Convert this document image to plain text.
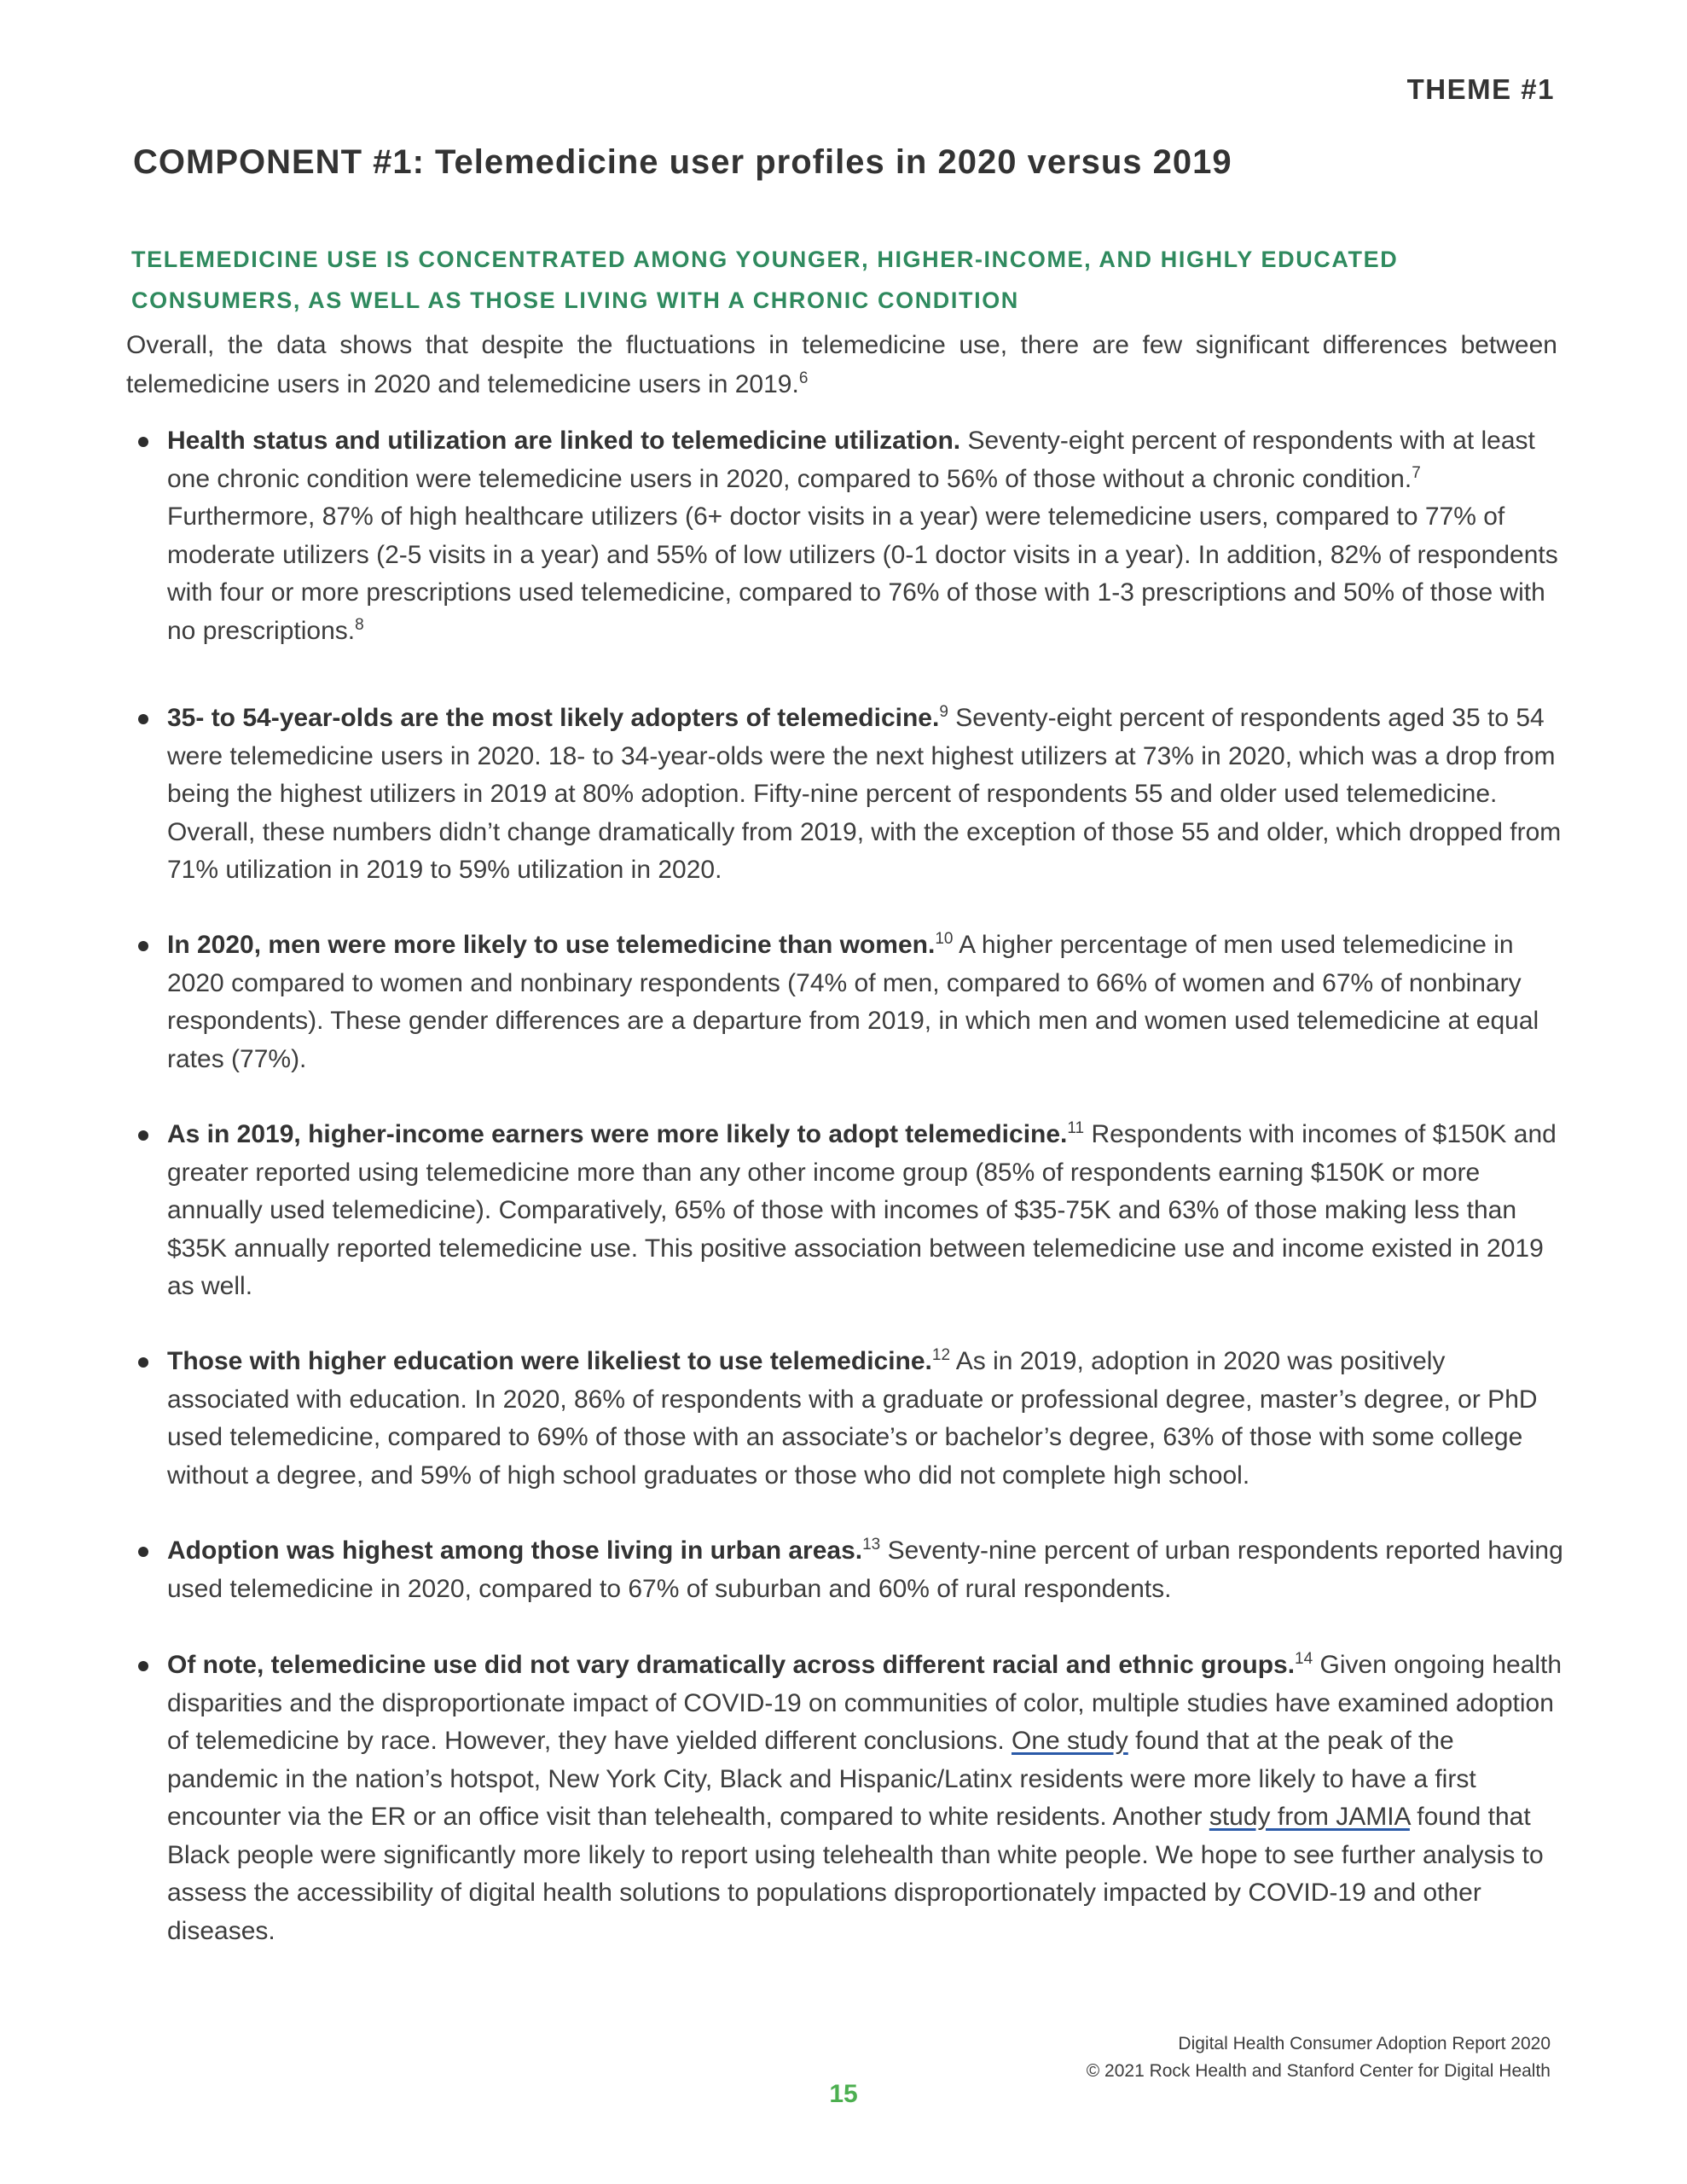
THEME #1
COMPONENT #1: Telemedicine user profiles in 2020 versus 2019
TELEMEDICINE USE IS CONCENTRATED AMONG YOUNGER, HIGHER-INCOME, AND HIGHLY EDUCATED CONSUMERS, AS WELL AS THOSE LIVING WITH A CHRONIC CONDITION
Overall, the data shows that despite the fluctuations in telemedicine use, there are few significant differences between telemedicine users in 2020 and telemedicine users in 2019.$^6$
Health status and utilization are linked to telemedicine utilization. Seventy-eight percent of respondents with at least one chronic condition were telemedicine users in 2020, compared to 56% of those without a chronic condition.$^7$ Furthermore, 87% of high healthcare utilizers (6+ doctor visits in a year) were telemedicine users, compared to 77% of moderate utilizers (2-5 visits in a year) and 55% of low utilizers (0-1 doctor visits in a year). In addition, 82% of respondents with four or more prescriptions used telemedicine, compared to 76% of those with 1-3 prescriptions and 50% of those with no prescriptions.$^8$
35- to 54-year-olds are the most likely adopters of telemedicine.$^9$ Seventy-eight percent of respondents aged 35 to 54 were telemedicine users in 2020. 18- to 34-year-olds were the next highest utilizers at 73% in 2020, which was a drop from being the highest utilizers in 2019 at 80% adoption. Fifty-nine percent of respondents 55 and older used telemedicine. Overall, these numbers didn’t change dramatically from 2019, with the exception of those 55 and older, which dropped from 71% utilization in 2019 to 59% utilization in 2020.
In 2020, men were more likely to use telemedicine than women.$^{10}$ A higher percentage of men used telemedicine in 2020 compared to women and nonbinary respondents (74% of men, compared to 66% of women and 67% of nonbinary respondents). These gender differences are a departure from 2019, in which men and women used telemedicine at equal rates (77%).
As in 2019, higher-income earners were more likely to adopt telemedicine.$^{11}$ Respondents with incomes of $150K and greater reported using telemedicine more than any other income group (85% of respondents earning $150K or more annually used telemedicine). Comparatively, 65% of those with incomes of $35-75K and 63% of those making less than $35K annually reported telemedicine use. This positive association between telemedicine use and income existed in 2019 as well.
Those with higher education were likeliest to use telemedicine.$^{12}$ As in 2019, adoption in 2020 was positively associated with education. In 2020, 86% of respondents with a graduate or professional degree, master’s degree, or PhD used telemedicine, compared to 69% of those with an associate’s or bachelor’s degree, 63% of those with some college without a degree, and 59% of high school graduates or those who did not complete high school.
Adoption was highest among those living in urban areas.$^{13}$ Seventy-nine percent of urban respondents reported having used telemedicine in 2020, compared to 67% of suburban and 60% of rural respondents.
Of note, telemedicine use did not vary dramatically across different racial and ethnic groups.$^{14}$ Given ongoing health disparities and the disproportionate impact of COVID-19 on communities of color, multiple studies have examined adoption of telemedicine by race. However, they have yielded different conclusions. One study found that at the peak of the pandemic in the nation’s hotspot, New York City, Black and Hispanic/Latinx residents were more likely to have a first encounter via the ER or an office visit than telehealth, compared to white residents. Another study from JAMIA found that Black people were significantly more likely to report using telehealth than white people. We hope to see further analysis to assess the accessibility of digital health solutions to populations disproportionately impacted by COVID-19 and other diseases.
Digital Health Consumer Adoption Report 2020
© 2021 Rock Health and Stanford Center for Digital Health
15
